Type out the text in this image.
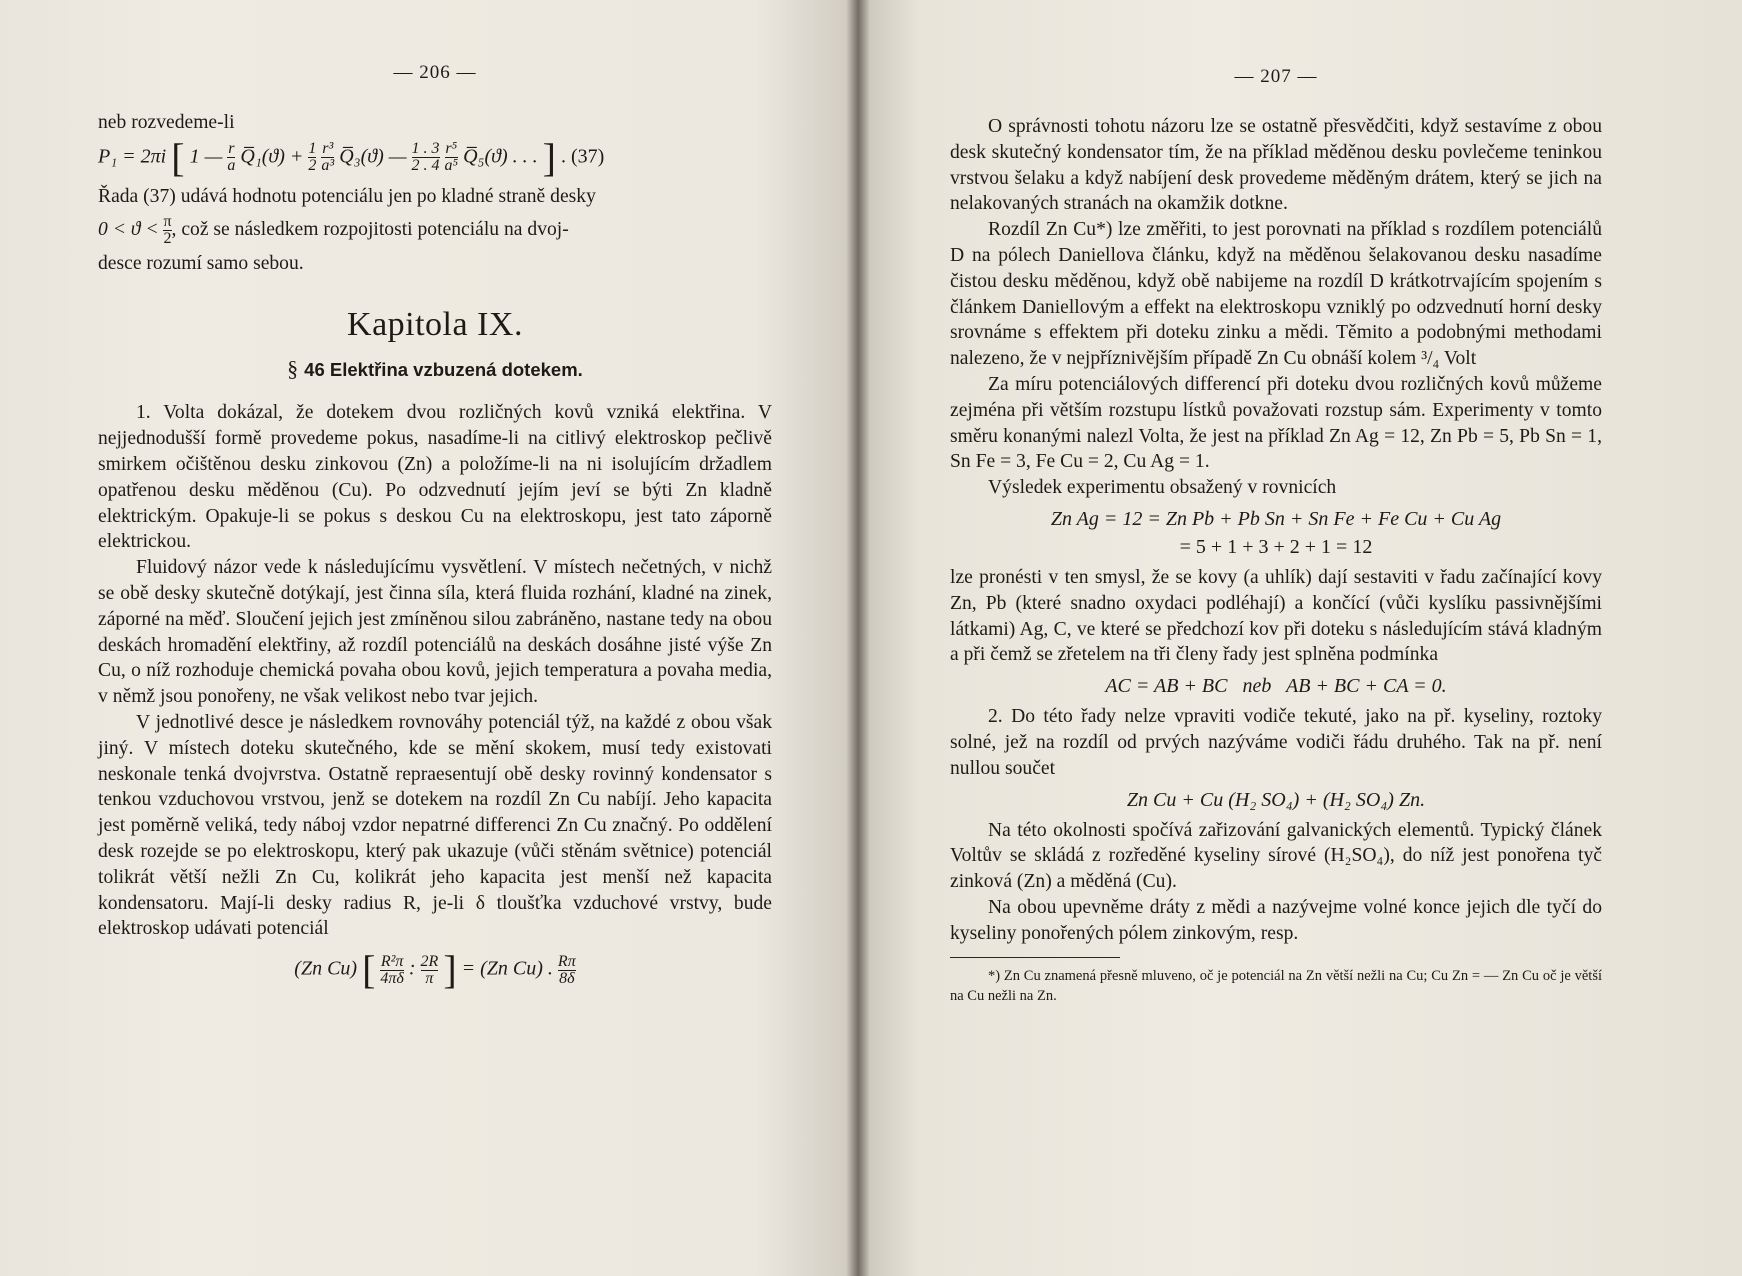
— 206 —

neb rozvedeme-li

P₁ = 2πi [ 1 — $\frac{r}{a}$ Q̅₁(ϑ) + $\frac{1}{2}$
$\frac{\text{r³}}{\text{a³}}$ Q̅₃(ϑ) — $\frac{1 . 3}{2 . 4}$
$\frac{\text{r⁵}}{\text{a⁵}}$ Q̅₅(ϑ) . . . ] . (37)

Řada (37) udává hodnotu potenciálu jen po kladné straně desky

$0 < ϑ < \frac{\pi}{2}$ , což se následkem rozpojitosti potenciálu na dvoj-

desce rozumí samo sebou.

Kapitola IX.
§ 46 Elektřina vzbuzená dotekem.

1. Volta dokázal, že dotekem dvou rozličných kovů vzniká elektřina. V nejjednodušší formě provedeme pokus, nasadíme-li na citlivý elektroskop pečlivě smirkem očištěnou desku zinkovou (Zn) a položíme-li na ni isolujícím držadlem opatřenou desku měděnou (Cu). Po odzvednutí jejím jeví se býti Zn kladně elektrickým. Opakuje-li se pokus s deskou Cu na elektroskopu, jest tato záporně elektrickou.

Fluidový názor vede k následujícímu vysvětlení. V místech nečetných, v nichž se obě desky skutečně dotýkají, jest činna síla, která fluida rozhání, kladné na zinek, záporné na měď. Sloučení jejich jest zmíněnou silou zabráněno, nastane tedy na obou deskách hromadění elektřiny, až rozdíl potenciálů na deskách dosáhne jisté výše Zn Cu, o níž rozhoduje chemická povaha obou kovů, jejich temperatura a povaha media, v němž jsou ponořeny, ne však velikost nebo tvar jejich.

V jednotlivé desce je následkem rovnováhy potenciál týž, na každé z obou však jiný. V místech doteku skutečného, kde se mění skokem, musí tedy existovati neskonale tenká dvojvrstva. Ostatně repraesentují obě desky rovinný kondensator s tenkou vzduchovou vrstvou, jenž se dotekem na rozdíl Zn Cu nabíjí. Jeho kapacita jest poměrně veliká, tedy náboj vzdor nepatrné differenci Zn Cu značný. Po oddělení desk rozejde se po elektroskopu, který pak ukazuje (vůči stěnám světnice) potenciál tolikrát větší nežli Zn Cu, kolikrát jeho kapacita jest menší než kapacita kondensatoru. Mají-li desky radius R, je-li δ tloušťka vzduchové vrstvy, bude elektroskop udávati potenciál

(Zn Cu) [ $\frac{\text{R²π}}{4\pi\delta}$ : $\frac{2R}{\pi}$ ] = (Zn Cu) . $\frac{R\pi}{8\delta}$
— 207 —

O správnosti tohotu názoru lze se ostatně přesvědčiti, když sestavíme z obou desk skutečný kondensator tím, že na příklad měděnou desku povlečeme teninkou vrstvou šelaku a když nabíjení desk provedeme měděným drátem, který se jich na nelakovaných stranách na okamžik dotkne.

Rozdíl Zn Cu*) lze změřiti, to jest porovnati na příklad s rozdílem potenciálů D na pólech Daniellova článku, když na měděnou šelakovanou desku nasadíme čistou desku měděnou, když obě nabijeme na rozdíl D krátkotrvajícím spojením s článkem Daniellovým a effekt na elektroskopu vzniklý po odzvednutí horní desky srovnáme s effektem při doteku zinku a mědi. Těmito a podobnými methodami nalezeno, že v nejpříznivějším případě Zn Cu obnáší kolem ³/₄ Volt

Za míru potenciálových differencí při doteku dvou rozličných kovů můžeme zejména při větším rozstupu lístků považovati rozstup sám. Experimenty v tomto směru konanými nalezl Volta, že jest na příklad Zn Ag = 12, Zn Pb = 5, Pb Sn = 1, Sn Fe = 3, Fe Cu = 2, Cu Ag = 1.

Výsledek experimentu obsažený v rovnicích

Zn Ag = 12 = Zn Pb + Pb Sn + Sn Fe + Fe Cu + Cu Ag
= 5 + 1 + 3 + 2 + 1 = 12

lze pronésti v ten smysl, že se kovy (a uhlík) dají sestaviti v řadu začínající kovy Zn, Pb (které snadno oxydaci podléhají) a končící (vůči kyslíku passivnějšími látkami) Ag, C, ve které se předchozí kov při doteku s následujícím stává kladným a při čemž se zřetelem na tři členy řady jest splněna podmínka

AC = AB + BC   neb   AB + BC + CA = 0.

2. Do této řady nelze vpraviti vodiče tekuté, jako na př. kyseliny, roztoky solné, jež na rozdíl od prvých nazýváme vodiči řádu druhého. Tak na př. není nullou součet

Zn Cu + Cu (H₂ SO₄) + (H₂ SO₄) Zn.

Na této okolnosti spočívá zařizování galvanických elementů. Typický článek Voltův se skládá z rozředěné kyseliny sírové (H₂SO₄), do níž jest ponořena tyč zinková (Zn) a měděná (Cu).

Na obou upevněme dráty z mědi a nazývejme volné konce jejich dle tyčí do kyseliny ponořených pólem zinkovým, resp.

*) Zn Cu znamená přesně mluveno, oč je potenciál na Zn větší nežli na Cu; Cu Zn = — Zn Cu oč je větší na Cu nežli na Zn.
